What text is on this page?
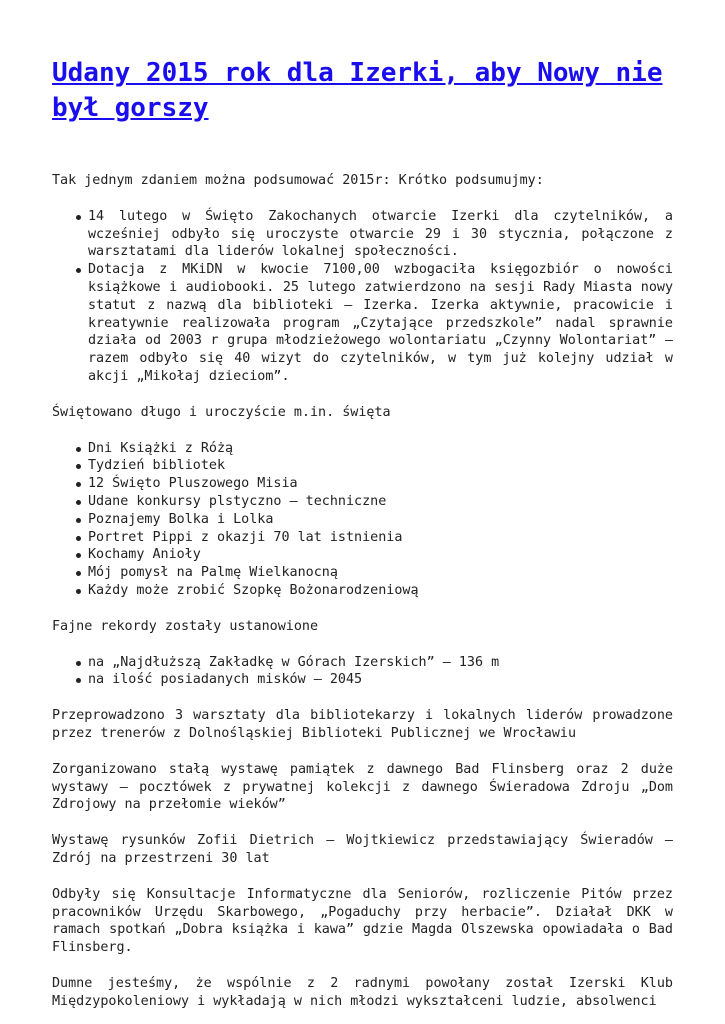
Udany 2015 rok dla Izerki, aby Nowy nie był gorszy

Tak jednym zdaniem można podsumować 2015r: Krótko podsumujmy:

14 lutego w Święto Zakochanych otwarcie Izerki dla czytelników, a wcześniej odbyło się uroczyste otwarcie 29 i 30 stycznia, połączone z warsztatami dla liderów lokalnej społeczności.
Dotacja z MKiDN w kwocie 7100,00 wzbogaciła księgozbiór o nowości książkowe i audiobooki. 25 lutego zatwierdzono na sesji Rady Miasta nowy statut z nazwą dla biblioteki – Izerka. Izerka aktywnie, pracowicie i kreatywnie realizowała program „Czytające przedszkole” nadal sprawnie działa od 2003 r grupa młodzieżowego wolontariatu „Czynny Wolontariat” – razem odbyło się 40 wizyt do czytelników, w tym już kolejny udział w akcji „Mikołaj dzieciom”.

Świętowano długo i uroczyście m.in. święta

Dni Książki z Różą
Tydzień bibliotek
12 Święto Pluszowego Misia
Udane konkursy plstyczno – techniczne
Poznajemy Bolka i Lolka
Portret Pippi z okazji 70 lat istnienia
Kochamy Anioły
Mój pomysł na Palmę Wielkanocną
Każdy może zrobić Szopkę Bożonarodzeniową

Fajne rekordy zostały ustanowione

na „Najdłuższą Zakładkę w Górach Izerskich” – 136 m
na ilość posiadanych misków – 2045

Przeprowadzono 3 warsztaty dla bibliotekarzy i lokalnych liderów prowadzone przez trenerów z Dolnośląskiej Biblioteki Publicznej we Wrocławiu

Zorganizowano stałą wystawę pamiątek z dawnego Bad Flinsberg oraz 2 duże wystawy – pocztówek z prywatnej kolekcji z dawnego Świeradowa Zdroju „Dom Zdrojowy na przełomie wieków”

Wystawę rysunków Zofii Dietrich – Wojtkiewicz przedstawiający Świeradów – Zdrój na przestrzeni 30 lat

Odbyły się Konsultacje Informatyczne dla Seniorów, rozliczenie Pitów przez pracowników Urzędu Skarbowego, „Pogaduchy przy herbacie”. Działał DKK w ramach spotkań „Dobra książka i kawa” gdzie Magda Olszewska opowiadała o Bad Flinsberg.

Dumne jesteśmy, że wspólnie z 2 radnymi powołany został Izerski Klub Międzypokoleniowy i wykładają w nich młodzi wykształceni ludzie, absolwenci
